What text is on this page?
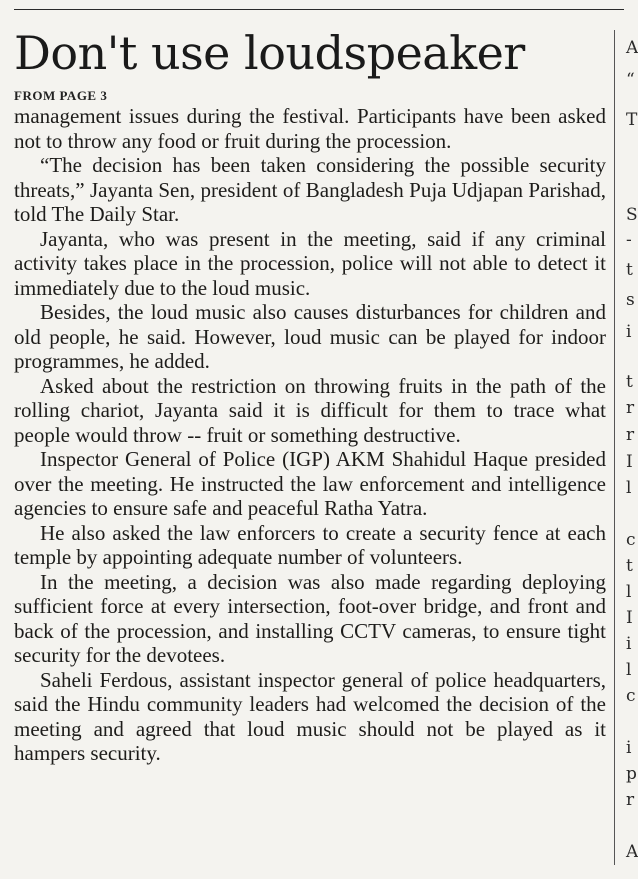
Don't use loudspeaker
FROM PAGE 3

management issues during the festival. Participants have been asked not to throw any food or fruit during the procession.

“The decision has been taken considering the possible security threats,” Jayanta Sen, president of Bangladesh Puja Udjapan Parishad, told The Daily Star.

Jayanta, who was present in the meeting, said if any criminal activity takes place in the procession, police will not able to detect it immediately due to the loud music.

Besides, the loud music also causes disturbances for children and old people, he said. However, loud music can be played for indoor programmes, he added.

Asked about the restriction on throwing fruits in the path of the rolling chariot, Jayanta said it is difficult for them to trace what people would throw -- fruit or something destructive.

Inspector General of Police (IGP) AKM Shahidul Haque presided over the meeting. He instructed the law enforcement and intelligence agencies to ensure safe and peaceful Ratha Yatra.

He also asked the law enforcers to create a security fence at each temple by appointing adequate number of volunteers.

In the meeting, a decision was also made regarding deploying sufficient force at every intersection, foot-over bridge, and front and back of the procession, and installing CCTV cameras, to ensure tight security for the devotees.

Saheli Ferdous, assistant inspector general of police headquarters, said the Hindu community leaders had welcomed the decision of the meeting and agreed that loud music should not be played as it hampers security.

A
“
T
S
-
t
s
i
t
r
r
I
l
c
t
l
I
i
l
c
i
p
r
A
